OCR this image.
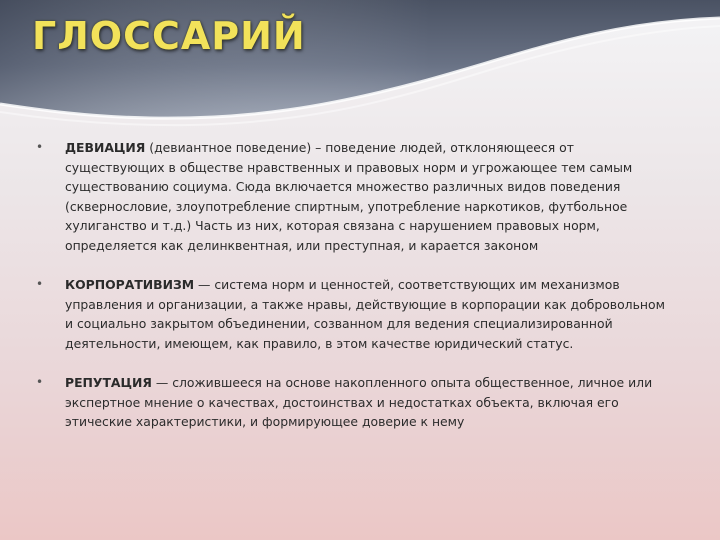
ГЛОССАРИЙ
• ДЕВИАЦИЯ (девиантное поведение) – поведение людей, отклоняющееся от существующих в обществе нравственных и правовых норм и угрожающее тем самым существованию социума. Сюда включается множество различных видов поведения (сквернословие, злоупотребление спиртным, употребление наркотиков, футбольное хулиганство и т.д.) Часть из них, которая связана с нарушением правовых норм, определяется как делинквентная, или преступная, и карается законом
• КОРПОРАТИВИЗМ — система норм и ценностей, соответствующих им механизмов управления и организации, а также нравы, действующие в корпорации как добровольном и социально закрытом объединении, созванном для ведения специализированной деятельности, имеющем, как правило, в этом качестве юридический статус.
• РЕПУТАЦИЯ — сложившееся на основе накопленного опыта общественное, личное или экспертное мнение о качествах, достоинствах и недостатках объекта, включая его этические характеристики, и формирующее доверие к нему
